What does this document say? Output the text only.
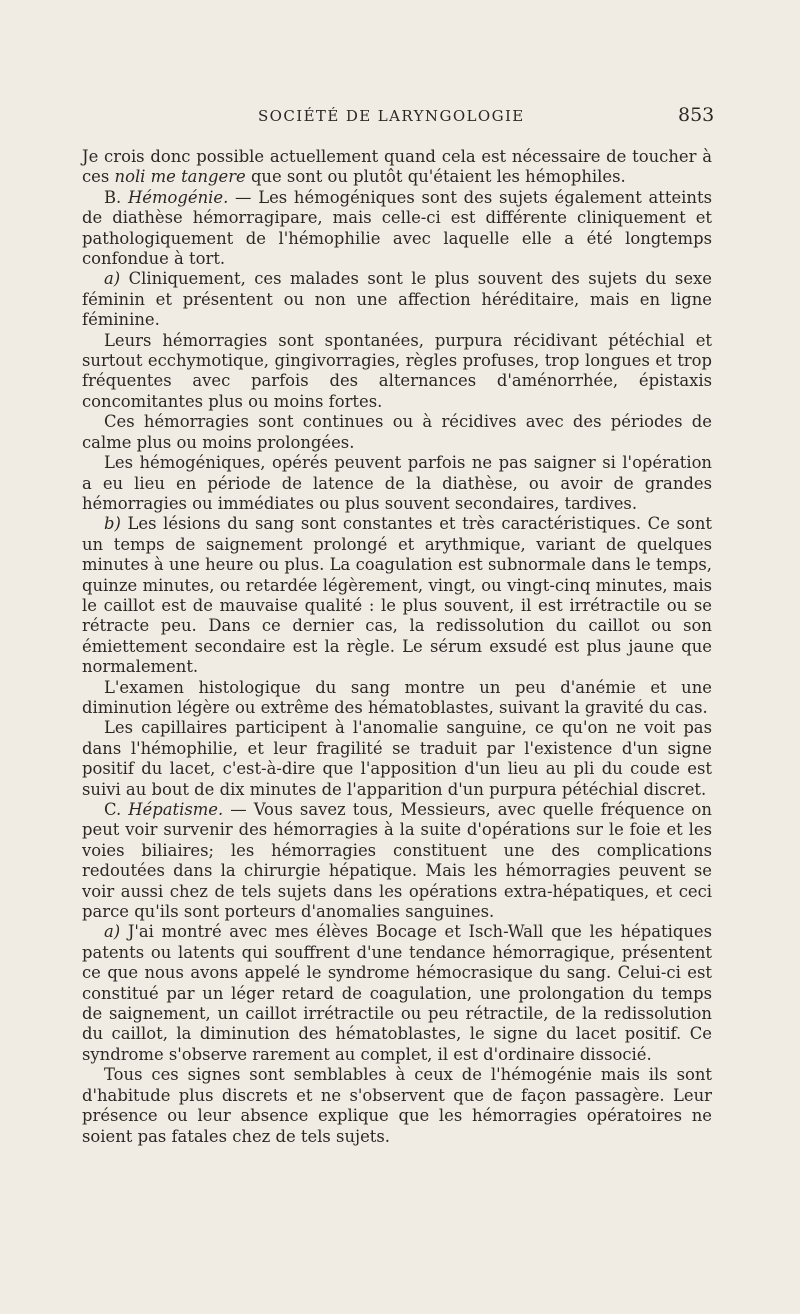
SOCIÉTÉ DE LARYNGOLOGIE	853

Je crois donc possible actuellement quand cela est nécessaire de toucher à ces noli me tangere que sont ou plutôt qu'étaient les hémophiles.

B. Hémogénie. — Les hémogéniques sont des sujets également atteints de diathèse hémorragipare, mais celle-ci est différente cliniquement et pathologiquement de l'hémophilie avec laquelle elle a été longtemps confondue à tort.

a) Cliniquement, ces malades sont le plus souvent des sujets du sexe féminin et présentent ou non une affection héréditaire, mais en ligne féminine.

Leurs hémorragies sont spontanées, purpura récidivant pétéchial et surtout ecchymotique, gingivorragies, règles profuses, trop longues et trop fréquentes avec parfois des alternances d'aménorrhée, épistaxis concomitantes plus ou moins fortes.

Ces hémorragies sont continues ou à récidives avec des périodes de calme plus ou moins prolongées.

Les hémogéniques, opérés peuvent parfois ne pas saigner si l'opération a eu lieu en période de latence de la diathèse, ou avoir de grandes hémorragies ou immédiates ou plus souvent secondaires, tardives.

b) Les lésions du sang sont constantes et très caractéristiques. Ce sont un temps de saignement prolongé et arythmique, variant de quelques minutes à une heure ou plus. La coagulation est subnormale dans le temps, quinze minutes, ou retardée légèrement, vingt, ou vingt-cinq minutes, mais le caillot est de mauvaise qualité : le plus souvent, il est irrétractile ou se rétracte peu. Dans ce dernier cas, la redissolution du caillot ou son émiettement secondaire est la règle. Le sérum exsudé est plus jaune que normalement.

L'examen histologique du sang montre un peu d'anémie et une diminution légère ou extrême des hématoblastes, suivant la gravité du cas.

Les capillaires participent à l'anomalie sanguine, ce qu'on ne voit pas dans l'hémophilie, et leur fragilité se traduit par l'existence d'un signe positif du lacet, c'est-à-dire que l'apposition d'un lieu au pli du coude est suivi au bout de dix minutes de l'apparition d'un purpura pétéchial discret.

C. Hépatisme. — Vous savez tous, Messieurs, avec quelle fréquence on peut voir survenir des hémorragies à la suite d'opérations sur le foie et les voies biliaires; les hémorragies constituent une des complications redoutées dans la chirurgie hépatique. Mais les hémorragies peuvent se voir aussi chez de tels sujets dans les opérations extra-hépatiques, et ceci parce qu'ils sont porteurs d'anomalies sanguines.

a) J'ai montré avec mes élèves Bocage et Isch-Wall que les hépatiques patents ou latents qui souffrent d'une tendance hémorragique, présentent ce que nous avons appelé le syndrome hémocrasique du sang. Celui-ci est constitué par un léger retard de coagulation, une prolongation du temps de saignement, un caillot irrétractile ou peu rétractile, de la redissolution du caillot, la diminution des hématoblastes, le signe du lacet positif. Ce syndrome s'observe rarement au complet, il est d'ordinaire dissocié.

Tous ces signes sont semblables à ceux de l'hémogénie mais ils sont d'habitude plus discrets et ne s'observent que de façon passagère. Leur présence ou leur absence explique que les hémorragies opératoires ne soient pas fatales chez de tels sujets.
